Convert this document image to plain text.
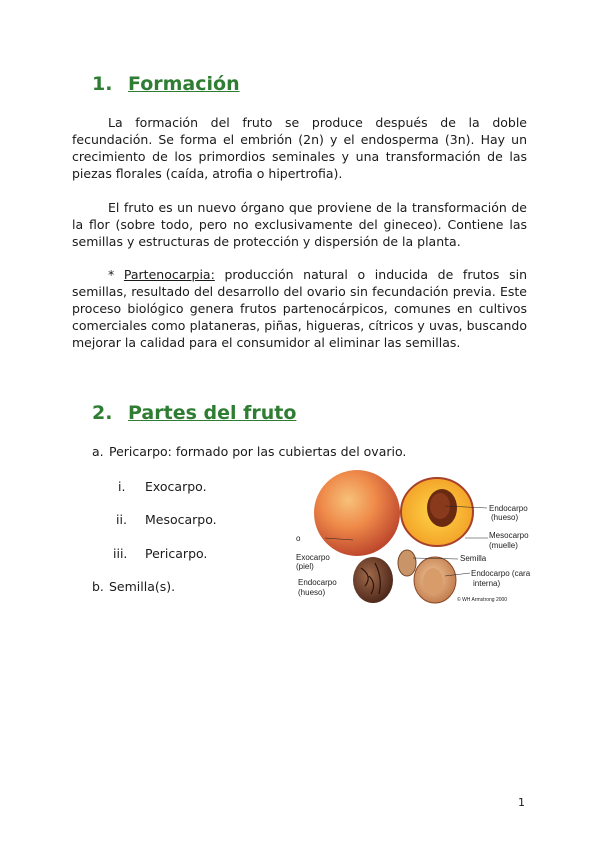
1. Formación

La formación del fruto se produce después de la doble fecundación. Se forma el embrión (2n) y el endosperma (3n). Hay un crecimiento de los primordios seminales y una transformación de las piezas florales (caída, atrofia o hipertrofia).

El fruto es un nuevo órgano que proviene de la transformación de la flor (sobre todo, pero no exclusivamente del gineceo). Contiene las semillas y estructuras de protección y dispersión de la planta.

* Partenocarpia: producción natural o inducida de frutos sin semillas, resultado del desarrollo del ovario sin fecundación previa. Este proceso biológico genera frutos partenocárpicos, comunes en cultivos comerciales como plataneras, piñas, higueras, cítricos y uvas, buscando mejorar la calidad para el consumidor al eliminar las semillas.

2. Partes del fruto

a. Pericarpo: formado por las cubiertas del ovario.

i. Exocarpo.

ii. Mesocarpo.

iii. Pericarpo.

b. Semilla(s).

Endocarpo
(hueso)
Mesocarpo
(muelle)
o
Exocarpo
(piel)
Semilla
Endocarpo
(hueso)
Endocarpo (cara
interna)
© WH Armstrong 2000
1
